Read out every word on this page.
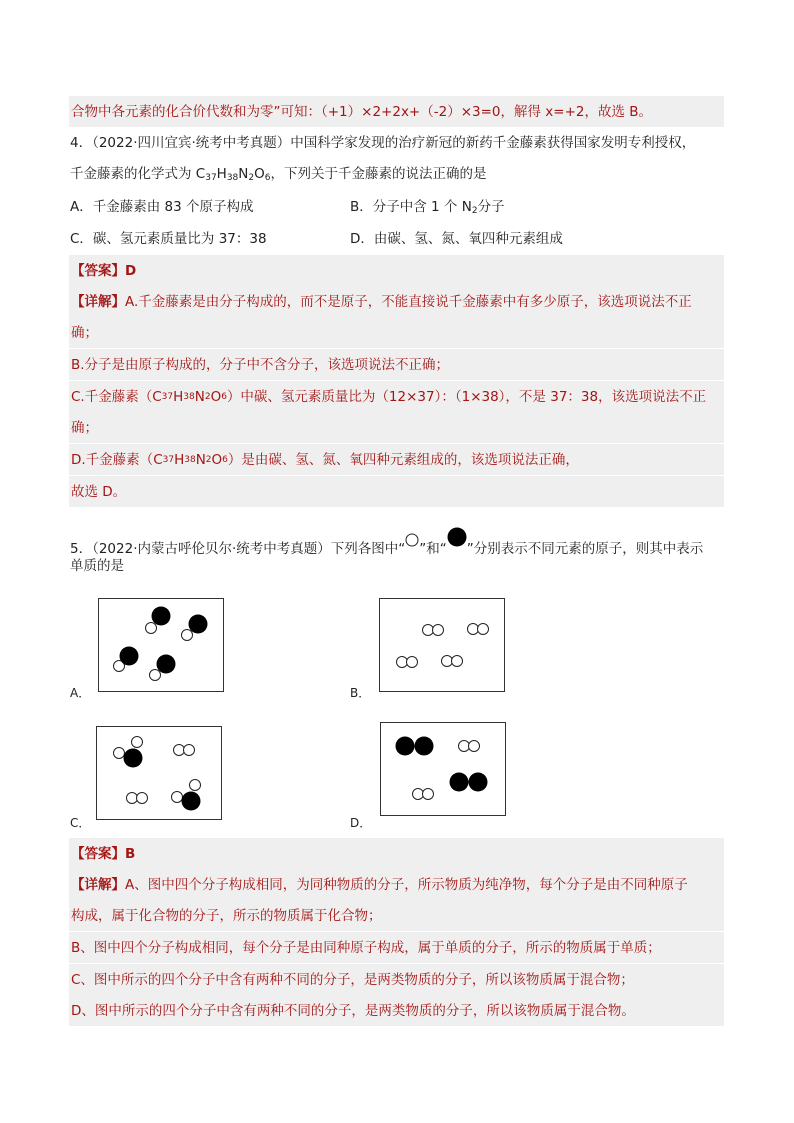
合物中各元素的化合价代数和为零”可知：（+1）×2+2x+（-2）×3=0，解得 x=+2，故选 B。
4．（2022·四川宜宾·统考中考真题）中国科学家发现的治疗新冠的新药千金藤素获得国家发明专利授权，
千金藤素的化学式为 $C_{37}H_{38}N_2O_6$，下列关于千金藤素的说法正确的是
A．千金藤素由 83 个原子构成	B．分子中含 1 个 $N_2$分子
C．碳、氢元素质量比为 37：38	D．由碳、氢、氮、氧四种元素组成
【答案】 D
【详解】 A.千金藤素是由分子构成的，而不是原子，不能直接说千金藤素中有多少原子，该选项说法不正
确；
B.分子是由原子构成的，分子中不含分子，该选项说法不正确；
C.千金藤素（ C 37 H 38 N 2 O 6 ）中碳、氢元素质量比为（12×37）：（1×38），不是 37：38，该选项说法不正
确；
D.千金藤素（ C 37 H 38 N 2 O 6 ）是由碳、氢、氮、氧四种元素组成的，该选项说法正确，
故选 D。
5．（2022·内蒙古呼伦贝尔·统考中考真题）下列各图中“ ”和“ ”分别表示不同元素的原子，则其中表示
单质的是
A．	B．
C．	D．
【答案】 B
【详解】 A、图中四个分子构成相同，为同种物质的分子，所示物质为纯净物，每个分子是由不同种原子
构成，属于化合物的分子，所示的物质属于化合物；
B、图中四个分子构成相同，每个分子是由同种原子构成，属于单质的分子，所示的物质属于单质；
C、图中所示的四个分子中含有两种不同的分子，是两类物质的分子，所以该物质属于混合物；
D、图中所示的四个分子中含有两种不同的分子，是两类物质的分子，所以该物质属于混合物。
